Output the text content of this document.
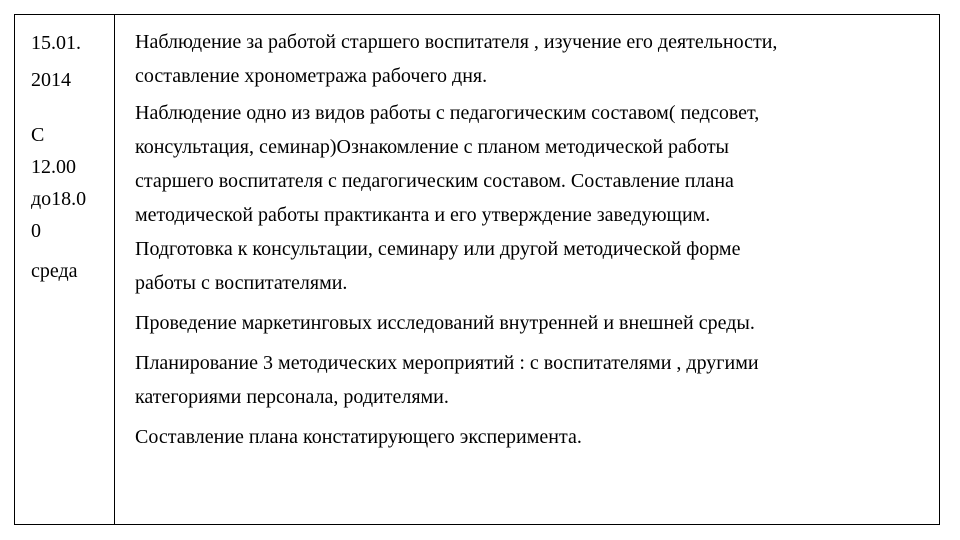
15.01.
2014
С
12.00
до18.0
0
среда
Наблюдение за работой старшего воспитателя , изучение его деятельности,
составление хронометража рабочего дня.
Наблюдение одно из видов работы с педагогическим составом( педсовет,
консультация, семинар)Ознакомление с планом методической работы
старшего воспитателя с педагогическим составом. Составление плана
методической работы практиканта и его утверждение заведующим.
Подготовка к консультации, семинару или другой методической форме
работы с воспитателями.
Проведение маркетинговых исследований внутренней и внешней среды.
Планирование 3 методических мероприятий : с воспитателями , другими
категориями персонала, родителями.
Составление плана констатирующего эксперимента.
